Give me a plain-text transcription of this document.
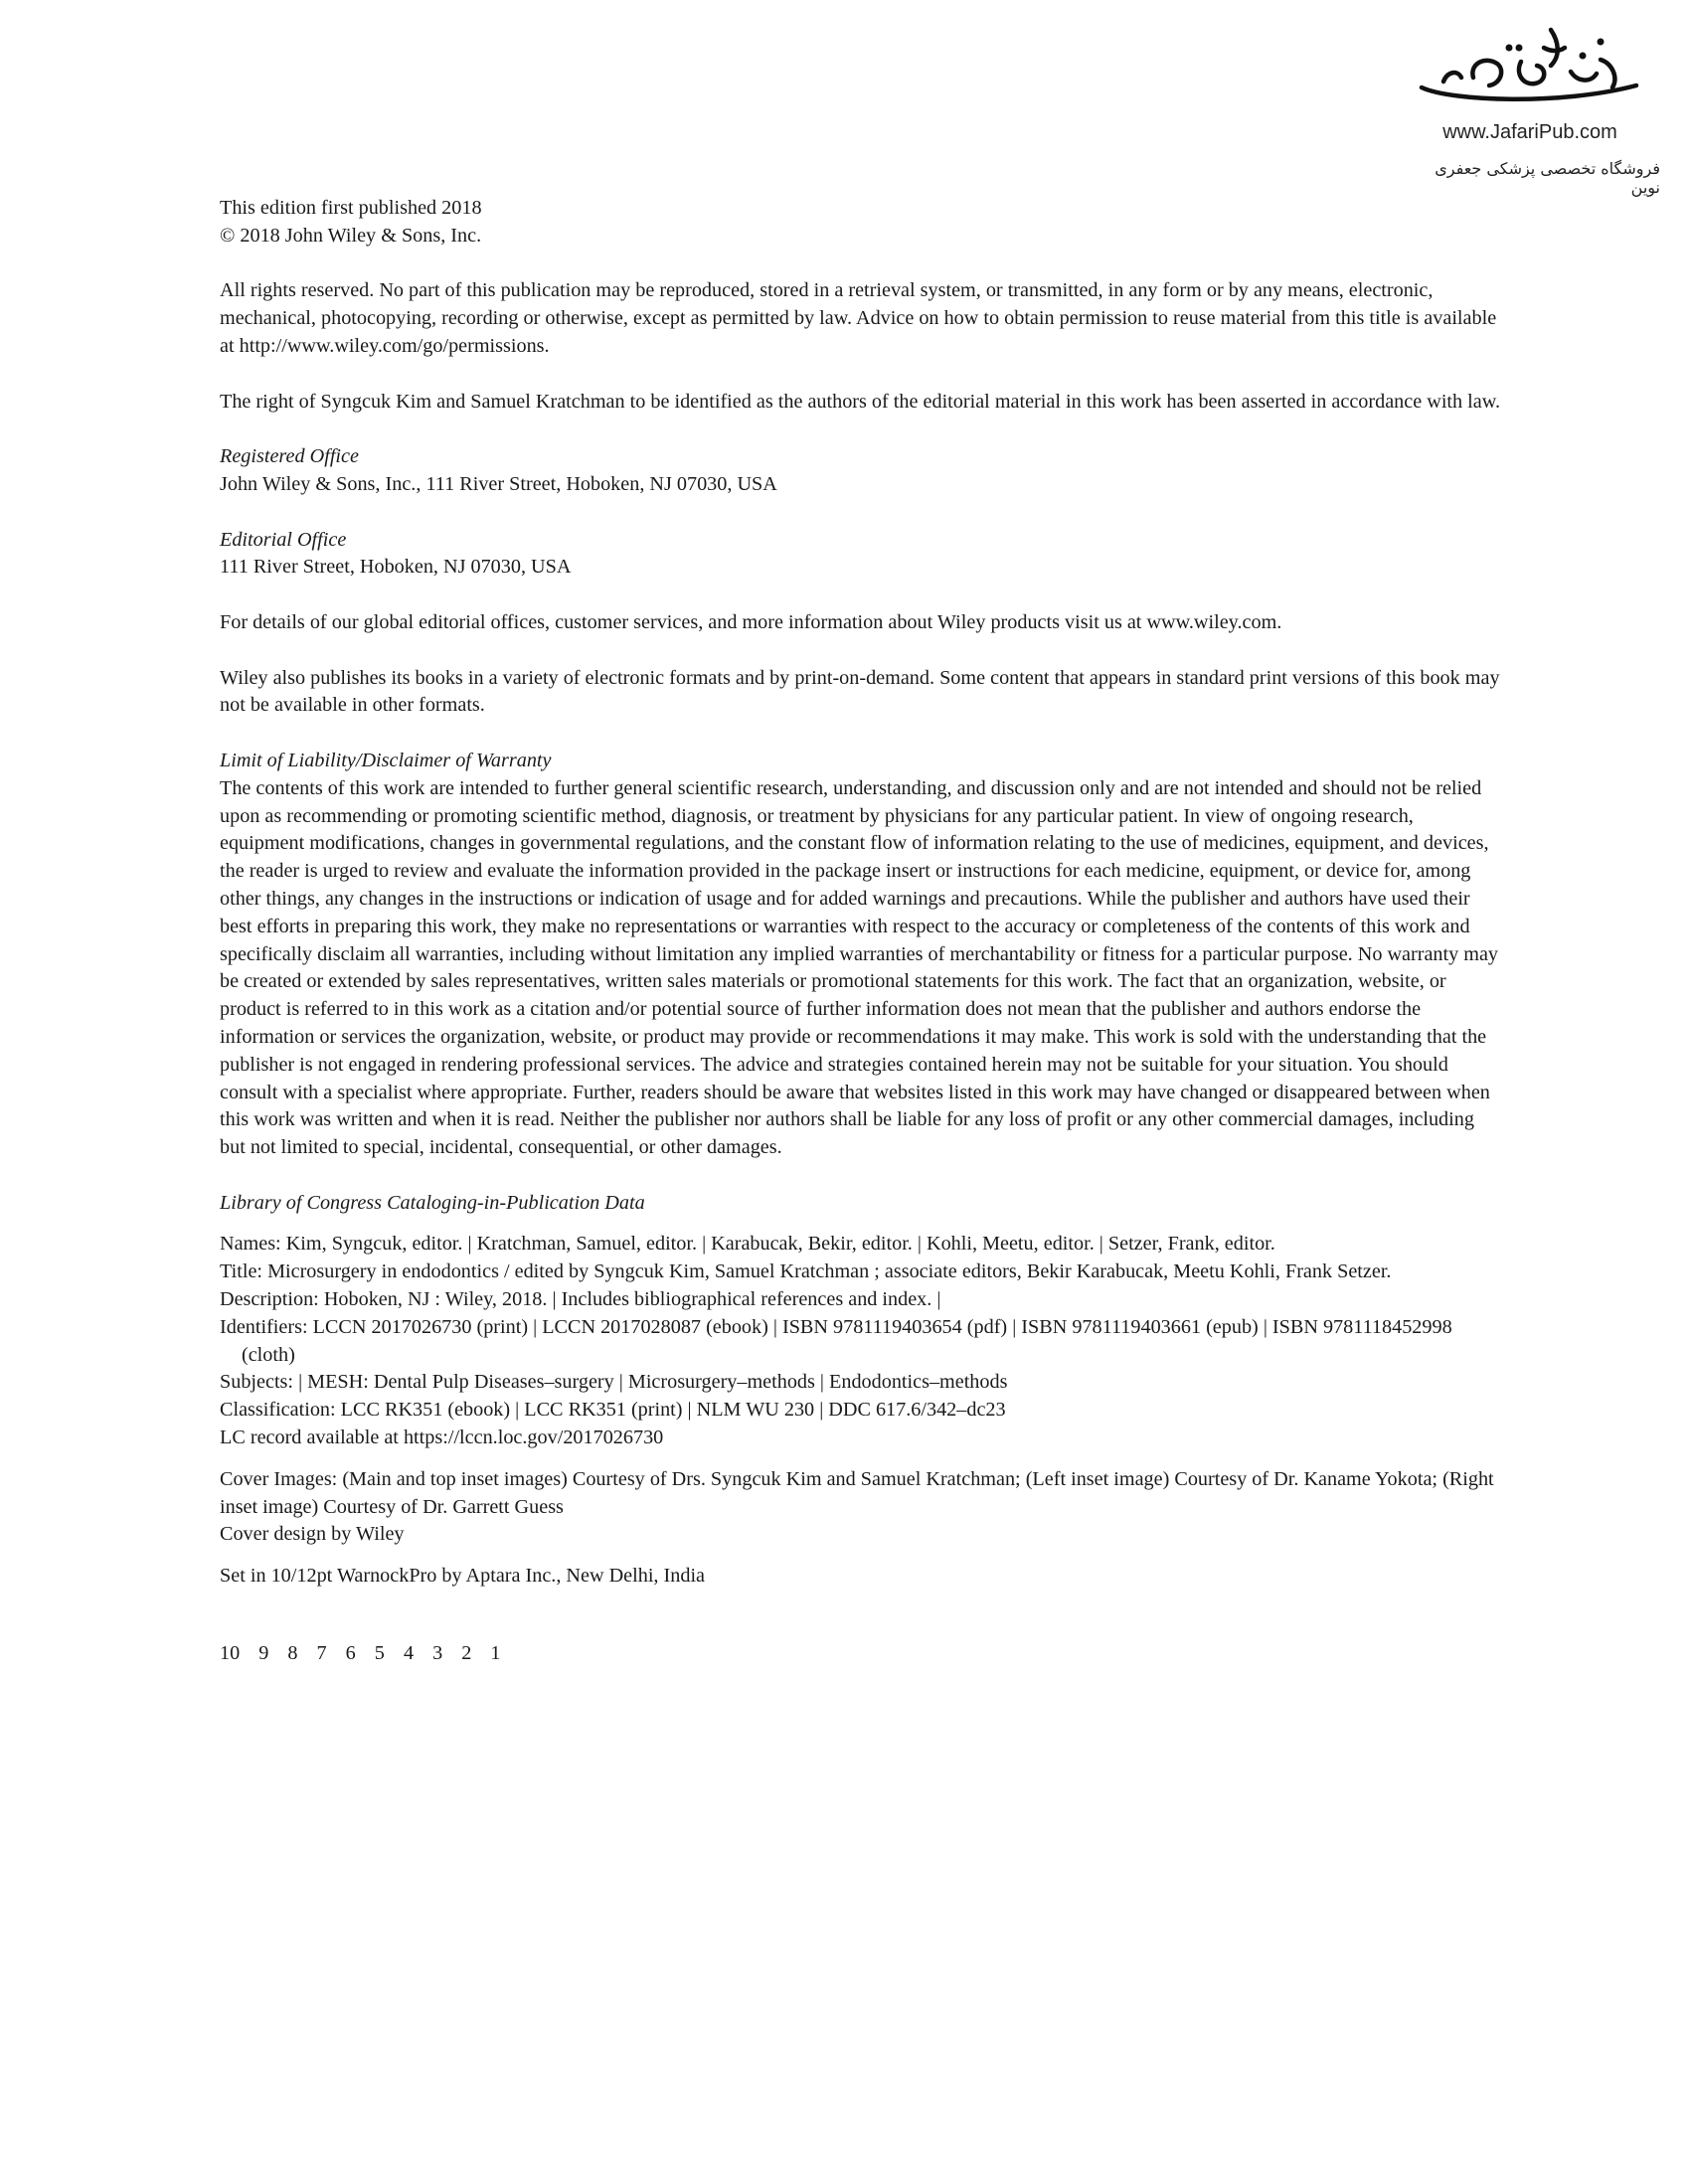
www.JafariPub.com
فروشگاه تخصصی پزشکی جعفری نوین

This edition first published 2018

© 2018 John Wiley & Sons, Inc.

All rights reserved. No part of this publication may be reproduced, stored in a retrieval system, or transmitted, in any form or by any means, electronic, mechanical, photocopying, recording or otherwise, except as permitted by law. Advice on how to obtain permission to reuse material from this title is available at http://www.wiley.com/go/permissions.

The right of Syngcuk Kim and Samuel Kratchman to be identified as the authors of the editorial material in this work has been asserted in accordance with law.

Registered Office

John Wiley & Sons, Inc., 111 River Street, Hoboken, NJ 07030, USA

Editorial Office

111 River Street, Hoboken, NJ 07030, USA

For details of our global editorial offices, customer services, and more information about Wiley products visit us at www.wiley.com.

Wiley also publishes its books in a variety of electronic formats and by print-on-demand. Some content that appears in standard print versions of this book may not be available in other formats.

Limit of Liability/Disclaimer of Warranty

The contents of this work are intended to further general scientific research, understanding, and discussion only and are not intended and should not be relied upon as recommending or promoting scientific method, diagnosis, or treatment by physicians for any particular patient. In view of ongoing research, equipment modifications, changes in governmental regulations, and the constant flow of information relating to the use of medicines, equipment, and devices, the reader is urged to review and evaluate the information provided in the package insert or instructions for each medicine, equipment, or device for, among other things, any changes in the instructions or indication of usage and for added warnings and precautions. While the publisher and authors have used their best efforts in preparing this work, they make no representations or warranties with respect to the accuracy or completeness of the contents of this work and specifically disclaim all warranties, including without limitation any implied warranties of merchantability or fitness for a particular purpose. No warranty may be created or extended by sales representatives, written sales materials or promotional statements for this work. The fact that an organization, website, or product is referred to in this work as a citation and/or potential source of further information does not mean that the publisher and authors endorse the information or services the organization, website, or product may provide or recommendations it may make. This work is sold with the understanding that the publisher is not engaged in rendering professional services. The advice and strategies contained herein may not be suitable for your situation. You should consult with a specialist where appropriate. Further, readers should be aware that websites listed in this work may have changed or disappeared between when this work was written and when it is read. Neither the publisher nor authors shall be liable for any loss of profit or any other commercial damages, including but not limited to special, incidental, consequential, or other damages.

Library of Congress Cataloging-in-Publication Data

Names: Kim, Syngcuk, editor. | Kratchman, Samuel, editor. | Karabucak, Bekir, editor. | Kohli, Meetu, editor. | Setzer, Frank, editor.

Title: Microsurgery in endodontics / edited by Syngcuk Kim, Samuel Kratchman ; associate editors, Bekir Karabucak, Meetu Kohli, Frank Setzer.

Description: Hoboken, NJ : Wiley, 2018. | Includes bibliographical references and index. |

Identifiers: LCCN 2017026730 (print) | LCCN 2017028087 (ebook) | ISBN 9781119403654 (pdf) | ISBN 9781119403661 (epub) | ISBN 9781118452998 (cloth)

Subjects: | MESH: Dental Pulp Diseases–surgery | Microsurgery–methods | Endodontics–methods

Classification: LCC RK351 (ebook) | LCC RK351 (print) | NLM WU 230 | DDC 617.6/342–dc23

LC record available at https://lccn.loc.gov/2017026730

Cover Images: (Main and top inset images) Courtesy of Drs. Syngcuk Kim and Samuel Kratchman; (Left inset image) Courtesy of Dr. Kaname Yokota; (Right inset image) Courtesy of Dr. Garrett Guess

Cover design by Wiley

Set in 10/12pt WarnockPro by Aptara Inc., New Delhi, India

10 9 8 7 6 5 4 3 2 1
